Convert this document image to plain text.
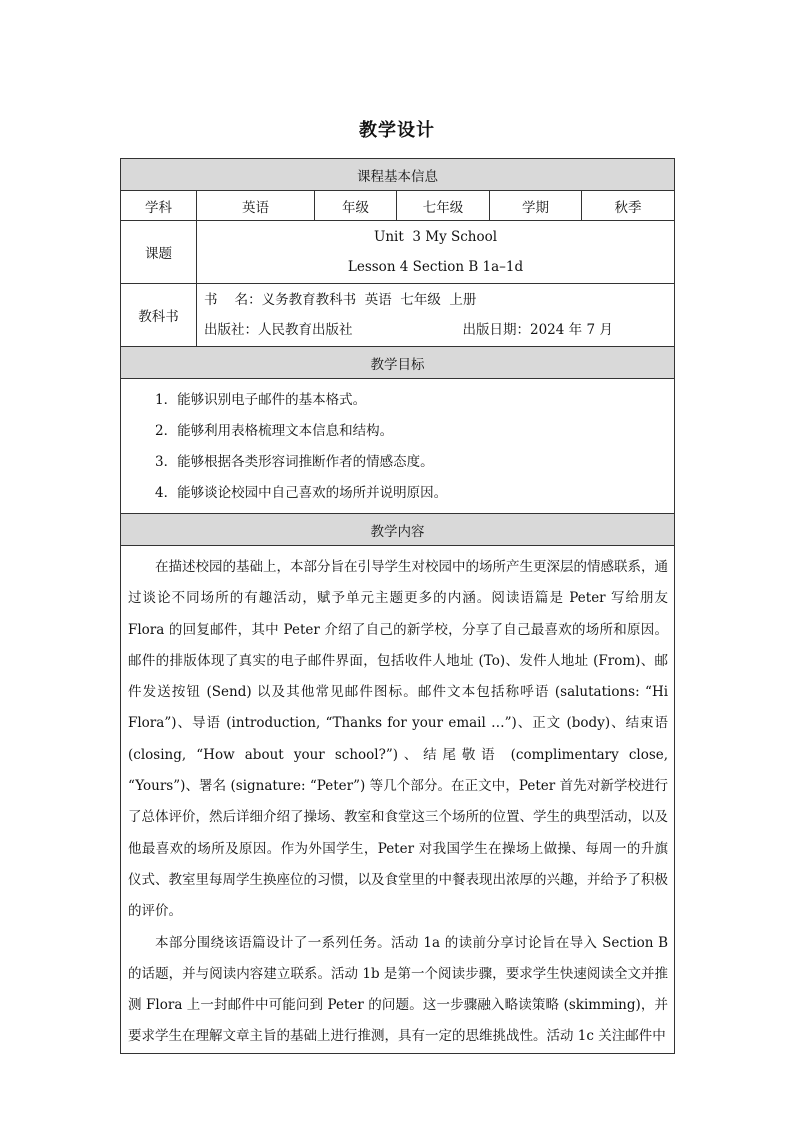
教学设计
课程基本信息					
学科	英语	年级	七年级	学期	秋季
课题	Unit  3 My School
Lesson 4 Section B 1a–1d				

教科书	书    名：义务教育教科书  英语  七年级  上册
出版社：人民教育出版社 出版日期：2024 年 7 月				

教学目标					

1．能够识别电子邮件的基本格式。
2．能够利用表格梳理文本信息和结构。
3．能够根据各类形容词推断作者的情感态度。
4．能够谈论校园中自己喜欢的场所并说明原因。					

教学内容					

在描述校园的基础上，本部分旨在引导学生对校园中的场所产生更深层的情感联系，通过谈论不同场所的有趣活动，赋予单元主题更多的内涵。阅读语篇是 Peter 写给朋友 Flora 的回复邮件，其中 Peter 介绍了自己的新学校，分享了自己最喜欢的场所和原因。邮件的排版体现了真实的电子邮件界面，包括收件人地址 (To)、发件人地址 (From)、邮件发送按钮 (Send) 以及其他常见邮件图标。邮件文本包括称呼语 (salutations: “Hi Flora”)、导语 (introduction, “Thanks for your email …”)、正文 (body)、结束语 (closing, “How about your school?”)、结尾敬语 (complimentary close, “Yours”)、署名 (signature: “Peter”) 等几个部分。在正文中，Peter 首先对新学校进行了总体评价，然后详细介绍了操场、教室和食堂这三个场所的位置、学生的典型活动，以及他最喜欢的场所及原因。作为外国学生，Peter 对我国学生在操场上做操、每周一的升旗仪式、教室里每周学生换座位的习惯，以及食堂里的中餐表现出浓厚的兴趣，并给予了积极的评价。

本部分围绕该语篇设计了一系列任务。活动 1a 的读前分享讨论旨在导入 Section B 的话题，并与阅读内容建立联系。活动 1b 是第一个阅读步骤，要求学生快速阅读全文并推测 Flora 上一封邮件中可能问到 Peter 的问题。这一步骤融入略读策略 (skimming)，并要求学生在理解文章主旨的基础上进行推测，具有一定的思维挑战性。活动 1c 关注邮件中					
